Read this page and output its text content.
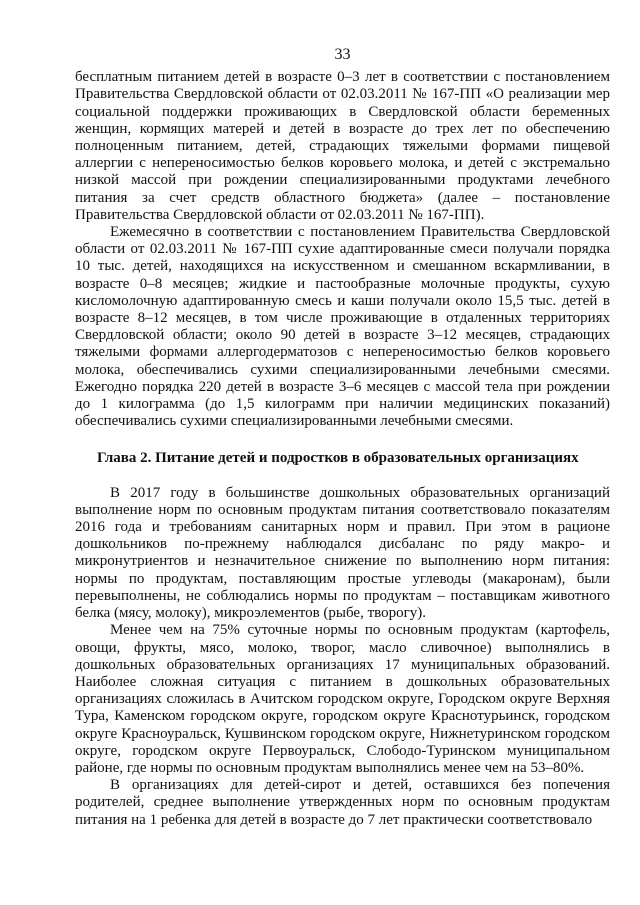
33

бесплатным питанием детей в возрасте 0–3 лет в соответствии с постановлением Правительства Свердловской области от 02.03.2011 № 167-ПП «О реализации мер социальной поддержки проживающих в Свердловской области беременных женщин, кормящих матерей и детей в возрасте до трех лет по обеспечению полноценным питанием, детей, страдающих тяжелыми формами пищевой аллергии с непереносимостью белков коровьего молока, и детей с экстремально низкой массой при рождении специализированными продуктами лечебного питания за счет средств областного бюджета» (далее – постановление Правительства Свердловской области от 02.03.2011 № 167-ПП).

Ежемесячно в соответствии с постановлением Правительства Свердловской области от 02.03.2011 № 167-ПП сухие адаптированные смеси получали порядка 10 тыс. детей, находящихся на искусственном и смешанном вскармливании, в возрасте 0–8 месяцев; жидкие и пастообразные молочные продукты, сухую кисломолочную адаптированную смесь и каши получали около 15,5 тыс. детей в возрасте 8–12 месяцев, в том числе проживающие в отдаленных территориях Свердловской области; около 90 детей в возрасте 3–12 месяцев, страдающих тяжелыми формами аллергодерматозов с непереносимостью белков коровьего молока, обеспечивались сухими специализированными лечебными смесями. Ежегодно порядка 220 детей в возрасте 3–6 месяцев с массой тела при рождении до 1 килограмма (до 1,5 килограмм при наличии медицинских показаний) обеспечивались сухими специализированными лечебными смесями.

Глава 2. Питание детей и подростков в образовательных организациях

В 2017 году в большинстве дошкольных образовательных организаций выполнение норм по основным продуктам питания соответствовало показателям 2016 года и требованиям санитарных норм и правил. При этом в рационе дошкольников по-прежнему наблюдался дисбаланс по ряду макро- и микронутриентов и незначительное снижение по выполнению норм питания: нормы по продуктам, поставляющим простые углеводы (макаронам), были перевыполнены, не соблюдались нормы по продуктам – поставщикам животного белка (мясу, молоку), микроэлементов (рыбе, творогу).

Менее чем на 75% суточные нормы по основным продуктам (картофель, овощи, фрукты, мясо, молоко, творог, масло сливочное) выполнялись в дошкольных образовательных организациях 17 муниципальных образований. Наиболее сложная ситуация с питанием в дошкольных образовательных организациях сложилась в Ачитском городском округе, Городском округе Верхняя Тура, Каменском городском округе, городском округе Краснотурьинск, городском округе Красноуральск, Кушвинском городском округе, Нижнетуринском городском округе, городском округе Первоуральск, Слободо-Туринском муниципальном районе, где нормы по основным продуктам выполнялись менее чем на 53–80%.

В организациях для детей-сирот и детей, оставшихся без попечения родителей, среднее выполнение утвержденных норм по основным продуктам питания на 1 ребенка для детей в возрасте до 7 лет практически соответствовало
